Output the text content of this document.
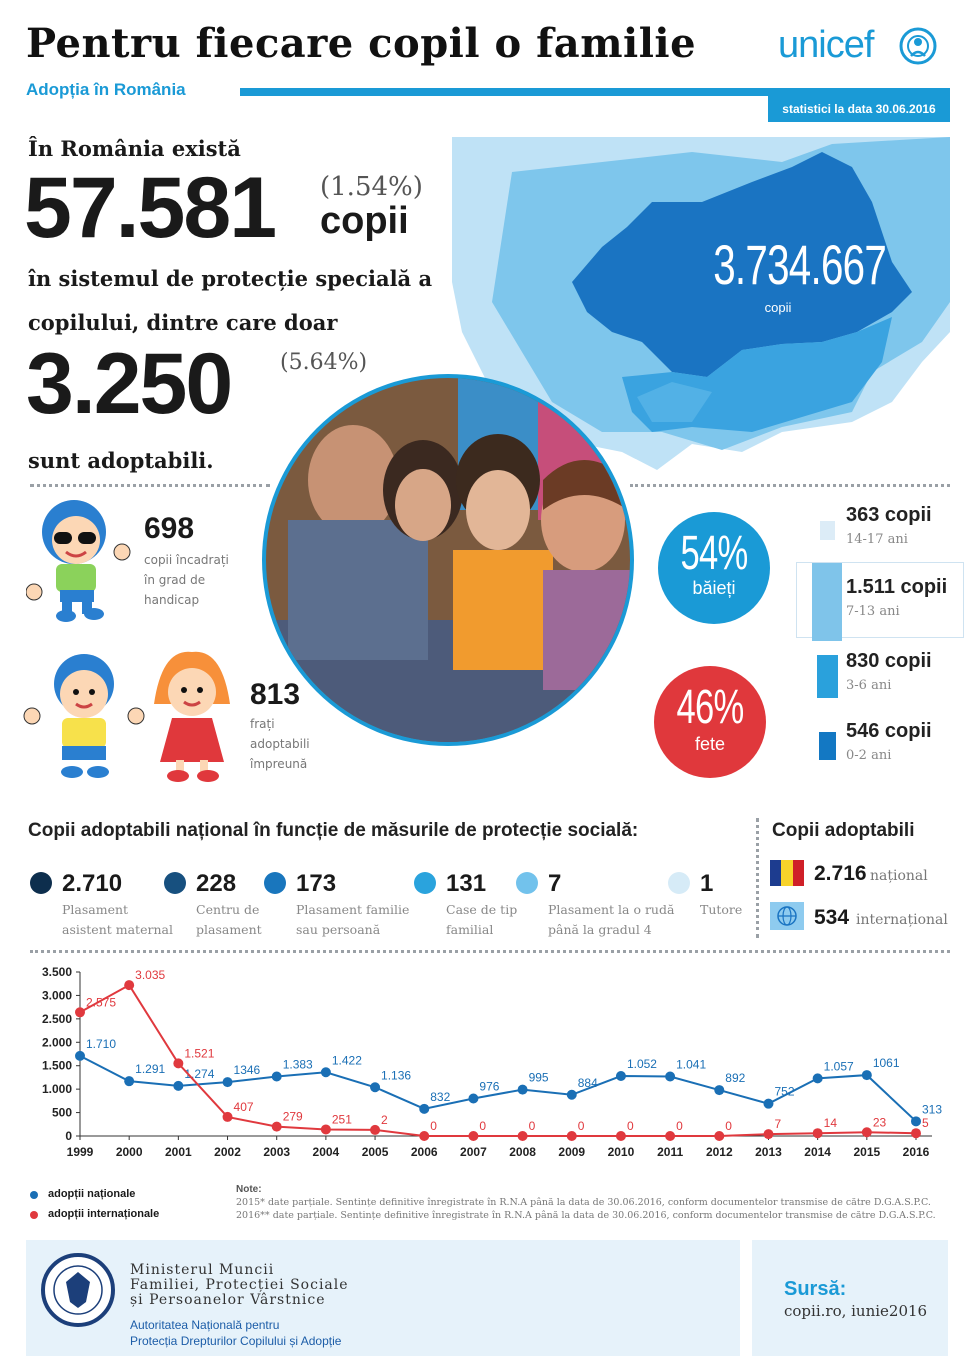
Pentru fiecare copil o familie unicef
Adopția în România
statistici la data 30.06.2016
3.734.667
copii
În România există
57.581 (1.54%)
copii
în sistemul de protecție specială a
copilului, dintre care doar
3.250 (5.64%)
sunt adoptabili.
698
copii încadrați
în grad de
handicap
813
frați
adoptabili
împreună
54%
băieți
46%
fete
363 copii
14-17 ani
1.511 copii
7-13 ani
830 copii
3-6 ani
546 copii
0-2 ani
Copii adoptabili național în funcție de măsurile de protecție socială:
2.710
Plasament
asistent maternal
228
Centru de
plasament
173
Plasament familie
sau persoană
131
Case de tip
familial
7
Plasament la o rudă
până la gradul 4
1
Tutore
Copii adoptabili
2.716 național
534 internațional
0
500
1.000
1.500
2.000
2.500
3.000
3.500
1999 2000 2001 2002 2003 2004 2005 2006 2007 2008 2009 2010 2011 2012 2013 2014 2015 2016
1.710
1.291 1.274 1346 1.383 1.422
1.136
832
976
995 884
1.052 1.041
892
752
1.057 1061
313
2.575
3.035
1.521
407
279 251 2	0	0	0	0	0	0	0	7	14	23	5
adopții naționale
adopții internaționale
Note:
2015* date parțiale. Sentințe definitive înregistrate în R.N.A până la data de 30.06.2016, conform documentelor transmise de către D.G.A.S.P.C.
2016** date parțiale. Sentințe definitive înregistrate în R.N.A până la data de 30.06.2016, conform documentelor transmise de către D.G.A.S.P.C.
Ministerul Muncii
Familiei, Protecției Sociale
și Persoanelor Vârstnice
Autoritatea Națională pentru
Protecția Drepturilor Copilului și Adopție
Sursă:
copii.ro, iunie2016
